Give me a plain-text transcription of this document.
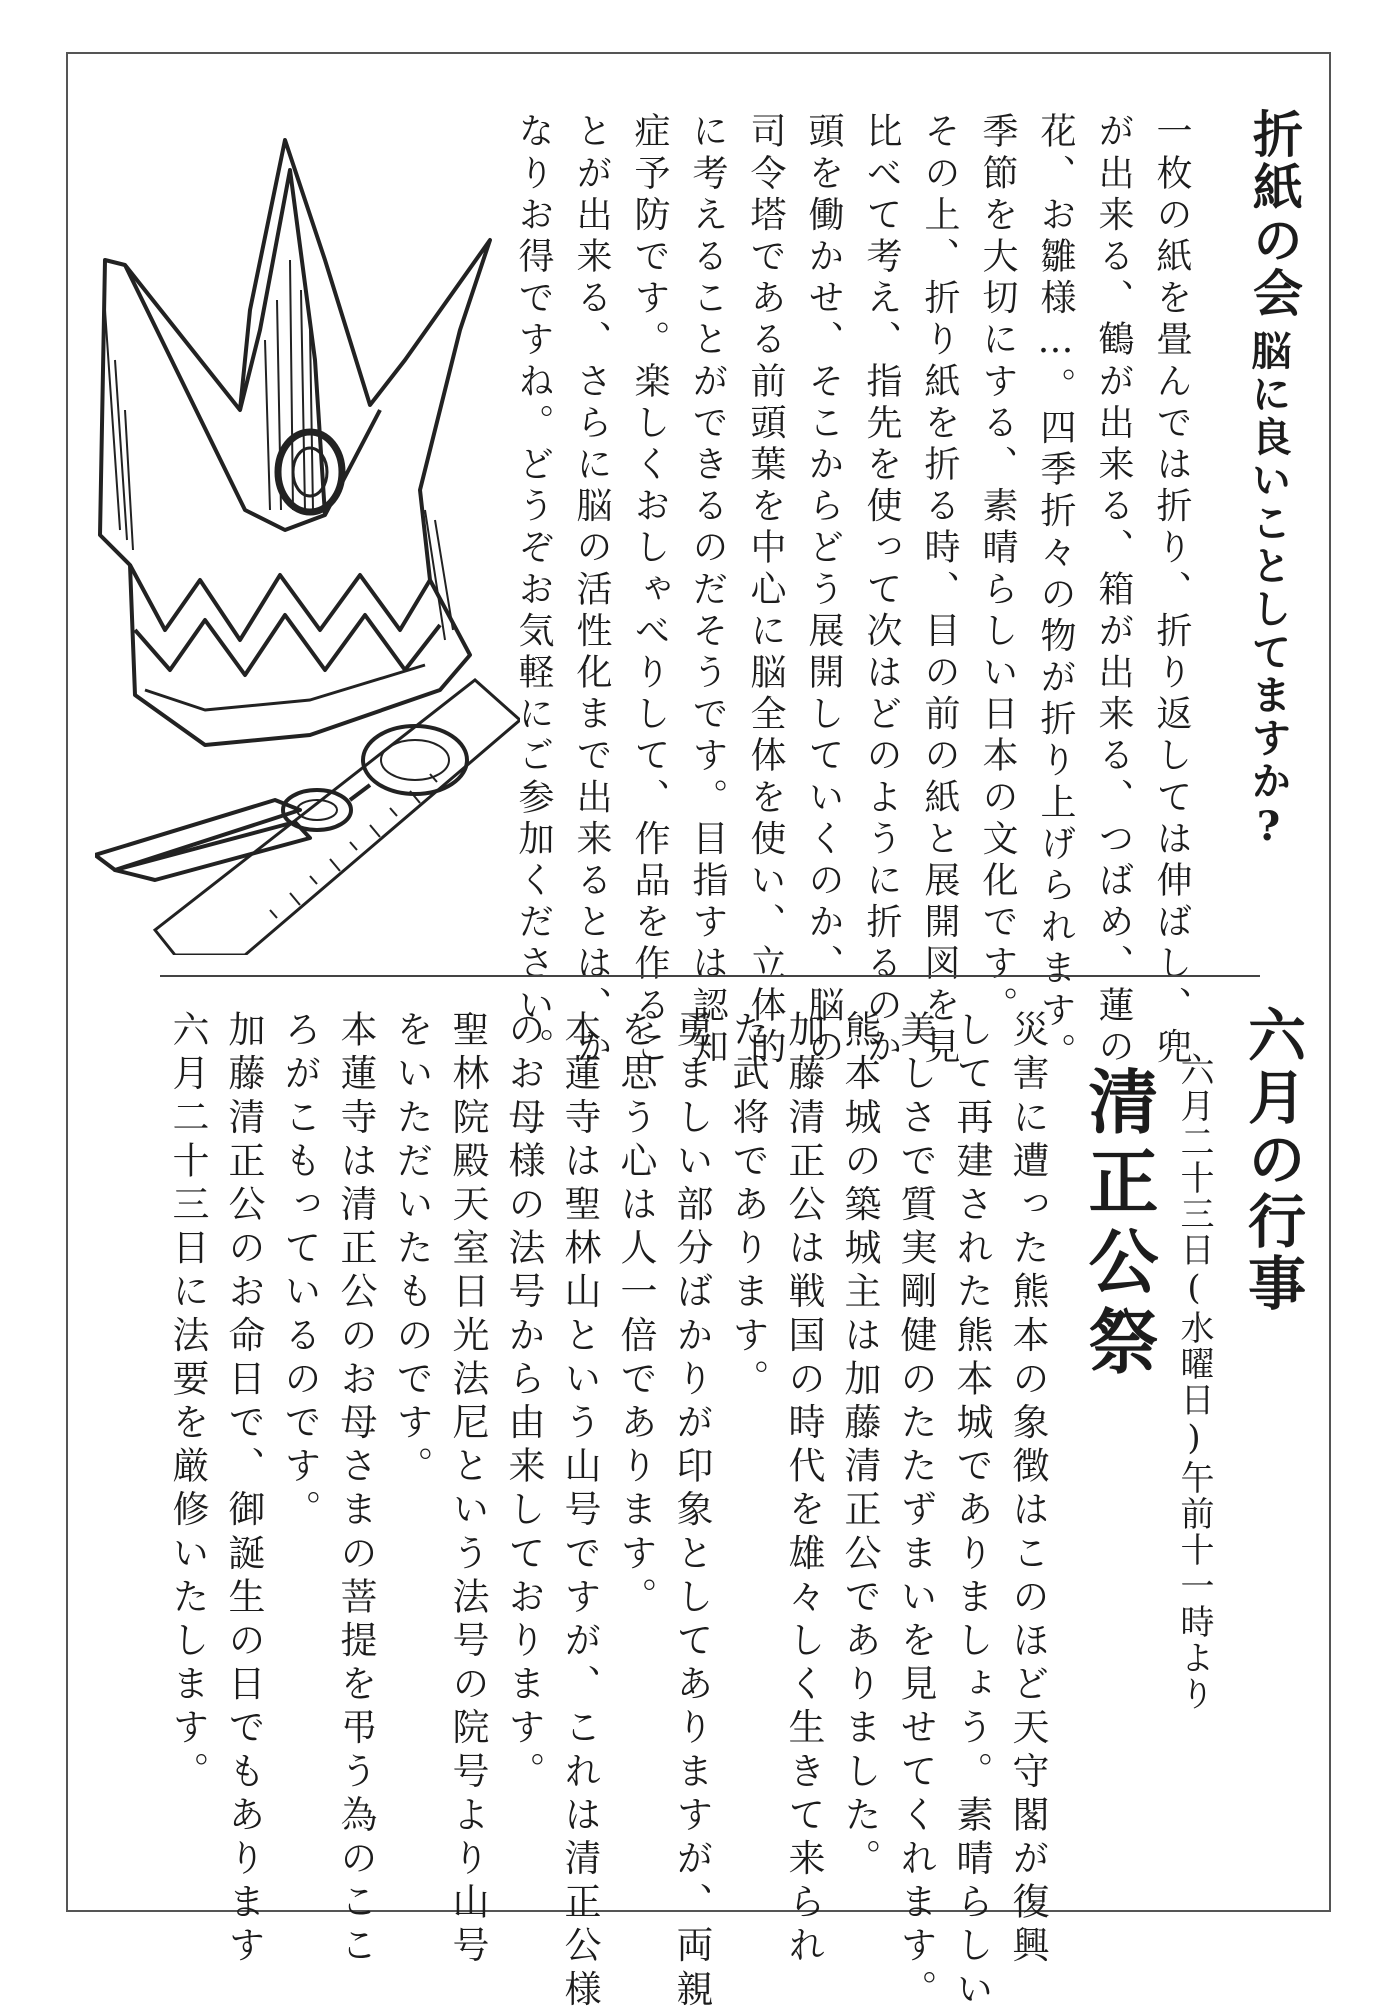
折紙の会
脳に良いことしてますか?
一枚の紙を畳んでは折り、折り返しては伸ばし、兜
が出来る、鶴が出来る、箱が出来る、つばめ、蓮の
花、お雛様…。四季折々の物が折り上げられます。
季節を大切にする、素晴らしい日本の文化です。
その上、折り紙を折る時、目の前の紙と展開図を見
比べて考え、指先を使って次はどのように折るのか
頭を働かせ、そこからどう展開していくのか、脳の
司令塔である前頭葉を中心に脳全体を使い、立体的
に考えることができるのだそうです。目指すは認知
症予防です。楽しくおしゃべりして、作品を作るこ
とが出来る、さらに脳の活性化まで出来るとは、か
なりお得ですね。どうぞお気軽にご参加ください。
六月の行事
六月二十三日(水曜日)午前十一時より
清正公祭
災害に遭った熊本の象徴はこのほど天守閣が復興
して再建された熊本城でありましょう。素晴らしい
美しさで質実剛健のたたずまいを見せてくれます。
熊本城の築城主は加藤清正公でありました。
加藤清正公は戦国の時代を雄々しく生きて来られ
た武将であります。
勇ましい部分ばかりが印象としてありますが、両親
を思う心は人一倍であります。
本蓮寺は聖林山という山号ですが、これは清正公様
のお母様の法号から由来しております。
聖林院殿天室日光法尼という法号の院号より山号
をいただいたものです。
本蓮寺は清正公のお母さまの菩提を弔う為のここ
ろがこもっているのです。
加藤清正公のお命日で、御誕生の日でもあります
六月二十三日に法要を厳修いたします。
